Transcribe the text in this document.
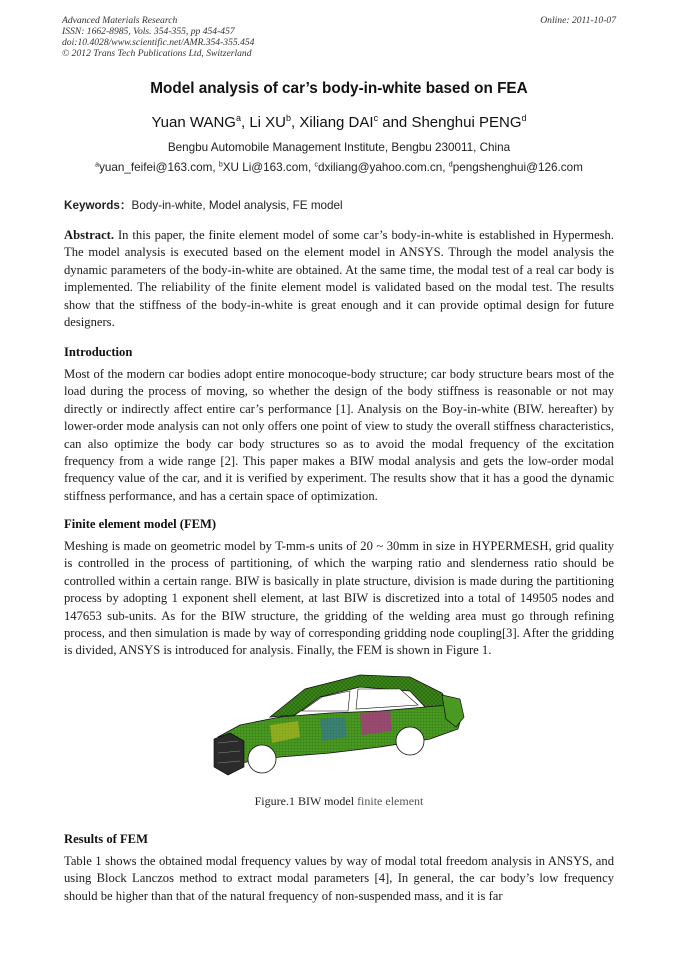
Advanced Materials Research
ISSN: 1662-8985, Vols. 354-355, pp 454-457
doi:10.4028/www.scientific.net/AMR.354-355.454
© 2012 Trans Tech Publications Ltd, Switzerland
Online: 2011-10-07
Model analysis of car’s body-in-white based on FEA
Yuan WANG$^a$, Li $XU^b$, Xiliang DAI$^c$ and Shenghui PENG$^d$
Bengbu Automobile Management Institute, Bengbu 230011, China
$^a$yuan_feifei@163.com, $^b$XU Li@163.com, $^c$dxiliang@yahoo.com.cn, $^d$pengshenghui@126.com
Keywords：Body-in-white, Model analysis, FE model
Abstract. In this paper, the finite element model of some car’s body-in-white is established in Hypermesh. The model analysis is executed based on the element model in ANSYS. Through the model analysis the dynamic parameters of the body-in-white are obtained. At the same time, the modal test of a real car body is implemented. The reliability of the finite element model is validated based on the modal test. The results show that the stiffness of the body-in-white is great enough and it can provide optimal design for future designers.
Introduction
Most of the modern car bodies adopt entire monocoque-body structure; car body structure bears most of the load during the process of moving, so whether the design of the body stiffness is reasonable or not may directly or indirectly affect entire car’s performance [1]. Analysis on the Boy-in-white (BIW. hereafter) by lower-order mode analysis can not only offers one point of view to study the overall stiffness characteristics, can also optimize the body car body structures so as to avoid the modal frequency of the excitation frequency from a wide range [2]. This paper makes a BIW modal analysis and gets the low-order modal frequency value of the car, and it is verified by experiment. The results show that it has a good the dynamic stiffness performance, and has a certain space of optimization.
Finite element model (FEM)
Meshing is made on geometric model by T-mm-s units of 20 ~ 30mm in size in HYPERMESH, grid quality is controlled in the process of partitioning, of which the warping ratio and slenderness ratio should be controlled within a certain range. BIW is basically in plate structure, division is made during the partitioning process by adopting 1 exponent shell element, at last BIW is discretized into a total of 149505 nodes and 147653 sub-units. As for the BIW structure, the gridding of the welding area must go through refining process, and then simulation is made by way of corresponding gridding node coupling[3]. After the gridding is divided, ANSYS is introduced for analysis. Finally, the FEM is shown in Figure 1.
Figure.1 BIW model finite element
Results of FEM
Table 1 shows the obtained modal frequency values by way of modal total freedom analysis in ANSYS, and using Block Lanczos method to extract modal parameters [4], In general, the car body’s low frequency should be higher than that of the natural frequency of non-suspended mass, and it is far
